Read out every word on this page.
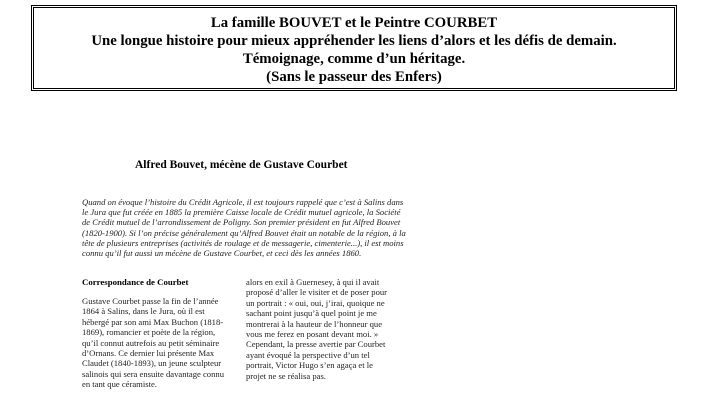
La famille BOUVET et le Peintre COURBET
Une longue histoire pour mieux appréhender les liens d’alors et les défis de demain.
Témoignage, comme d’un héritage.
(Sans le passeur des Enfers)
Alfred Bouvet, mécène de Gustave Courbet
Quand on évoque l’histoire du Crédit Agricole, il est toujours rappelé que c’est à Salins dans
le Jura que fut créée en 1885 la première Caisse locale de Crédit mutuel agricole, la Société
de Crédit mutuel de l’arrondissement de Poligny. Son premier président en fut Alfred Bouvet
(1820-1900). Si l’on précise généralement qu’Alfred Bouvet était un notable de la région, à la
tête de plusieurs entreprises (activités de roulage et de messagerie, cimenterie...), il est moins
connu qu’il fut aussi un mécène de Gustave Courbet, et ceci dès les années 1860.
Correspondance de Courbet
Gustave Courbet passe la fin de l’année
1864 à Salins, dans le Jura, où il est
hébergé par son ami Max Buchon (1818-
1869), romancier et poète de la région,
qu’il connut autrefois au petit séminaire
d’Ornans. Ce dernier lui présente Max
Claudet (1840-1893), un jeune sculpteur
salinois qui sera ensuite davantage connu
en tant que céramiste.
alors en exil à Guernesey, à qui il avait
proposé d’aller le visiter et de poser pour
un portrait : « oui, oui, j’irai, quoique ne
sachant point jusqu’à quel point je me
montrerai à la hauteur de l’honneur que
vous me ferez en posant devant moi. »
Cependant, la presse avertie par Courbet
ayant évoqué la perspective d’un tel
portrait, Victor Hugo s’en agaça et le
projet ne se réalisa pas.
